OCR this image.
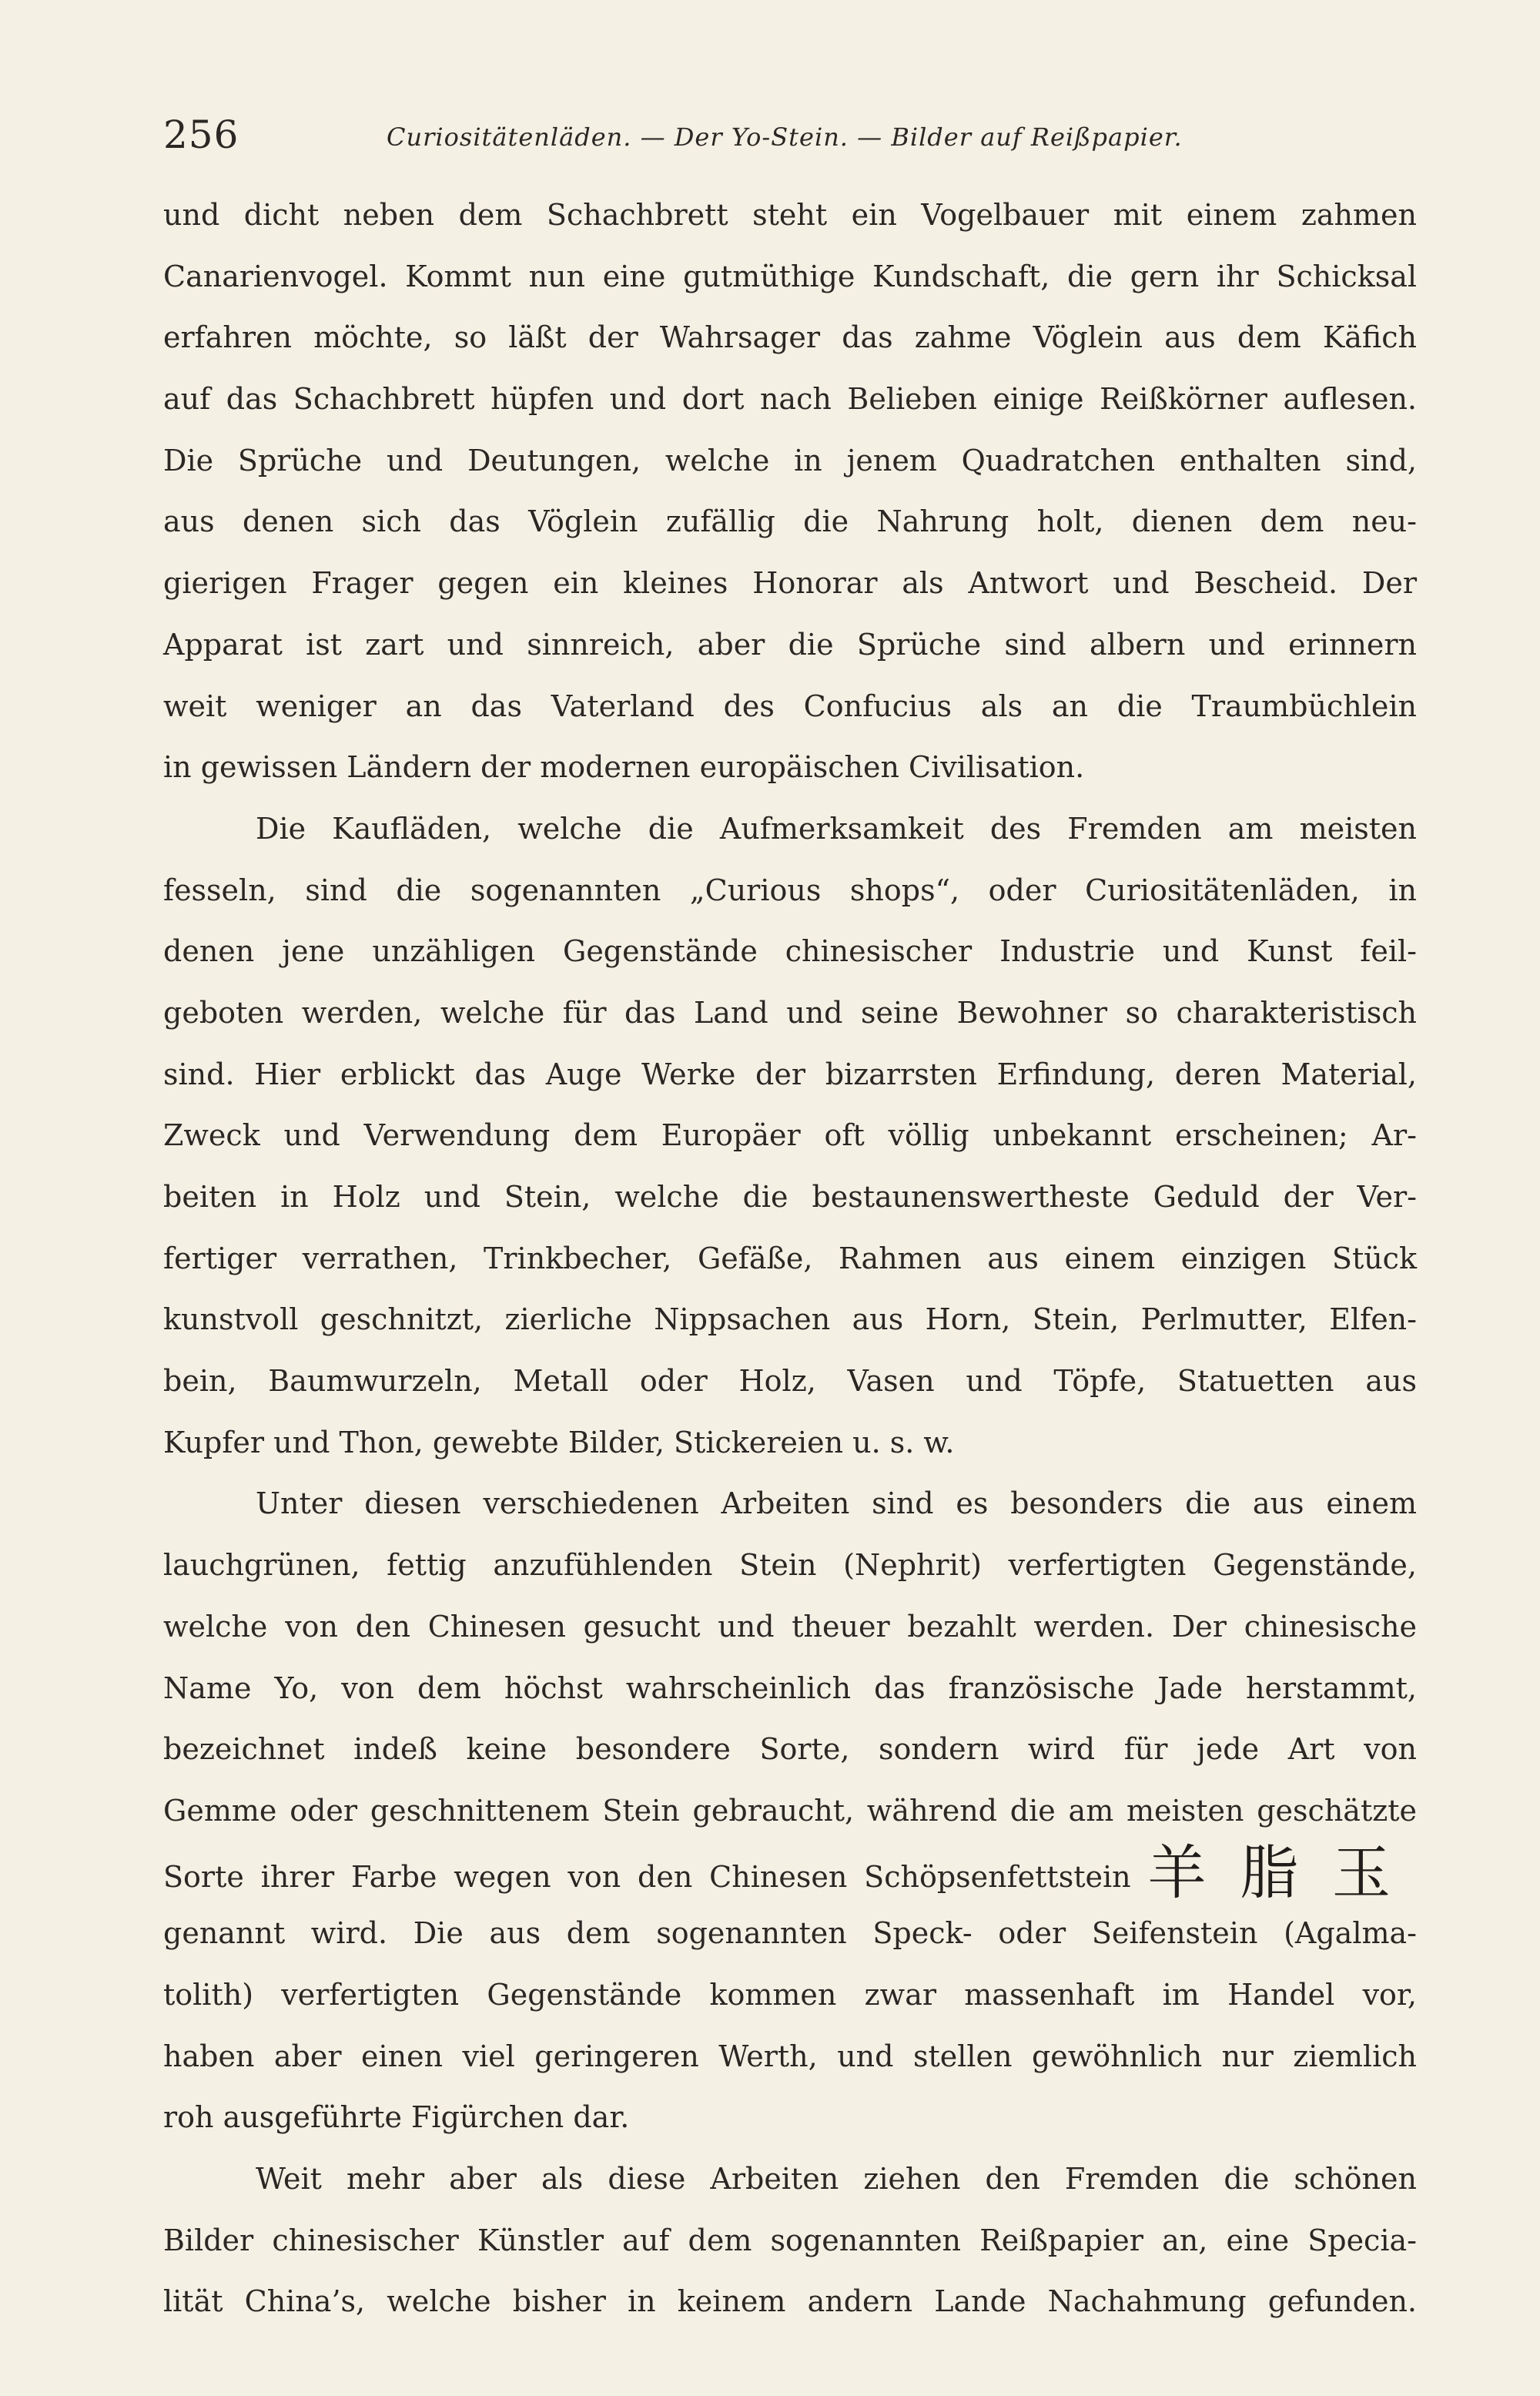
256	Curiositätenläden. — Der Yo-Stein. — Bilder auf Reißpapier.
und dicht neben dem Schachbrett steht ein Vogelbauer mit einem zahmen
Canarienvogel. Kommt nun eine gutmüthige Kundschaft, die gern ihr Schicksal
erfahren möchte, so läßt der Wahrsager das zahme Vöglein aus dem Käfich
auf das Schachbrett hüpfen und dort nach Belieben einige Reißkörner auflesen.
Die Sprüche und Deutungen, welche in jenem Quadratchen enthalten sind,
aus denen sich das Vöglein zufällig die Nahrung holt, dienen dem neu-
gierigen Frager gegen ein kleines Honorar als Antwort und Bescheid. Der
Apparat ist zart und sinnreich, aber die Sprüche sind albern und erinnern
weit weniger an das Vaterland des Confucius als an die Traumbüchlein
in gewissen Ländern der modernen europäischen Civilisation.
Die Kaufläden, welche die Aufmerksamkeit des Fremden am meisten
fesseln, sind die sogenannten „Curious shops“, oder Curiositätenläden, in
denen jene unzähligen Gegenstände chinesischer Industrie und Kunst feil-
geboten werden, welche für das Land und seine Bewohner so charakteristisch
sind. Hier erblickt das Auge Werke der bizarrsten Erfindung, deren Material,
Zweck und Verwendung dem Europäer oft völlig unbekannt erscheinen; Ar-
beiten in Holz und Stein, welche die bestaunenswertheste Geduld der Ver-
fertiger verrathen, Trinkbecher, Gefäße, Rahmen aus einem einzigen Stück
kunstvoll geschnitzt, zierliche Nippsachen aus Horn, Stein, Perlmutter, Elfen-
bein, Baumwurzeln, Metall oder Holz, Vasen und Töpfe, Statuetten aus
Kupfer und Thon, gewebte Bilder, Stickereien u. s. w.
Unter diesen verschiedenen Arbeiten sind es besonders die aus einem
lauchgrünen, fettig anzufühlenden Stein (Nephrit) verfertigten Gegenstände,
welche von den Chinesen gesucht und theuer bezahlt werden. Der chinesische
Name Yo, von dem höchst wahrscheinlich das französische Jade herstammt,
bezeichnet indeß keine besondere Sorte, sondern wird für jede Art von
Gemme oder geschnittenem Stein gebraucht, während die am meisten geschätzte
Sorte ihrer Farbe wegen von den Chinesen Schöpsenfettstein 羊脂玉
genannt wird. Die aus dem sogenannten Speck- oder Seifenstein (Agalma-
tolith) verfertigten Gegenstände kommen zwar massenhaft im Handel vor,
haben aber einen viel geringeren Werth, und stellen gewöhnlich nur ziemlich
roh ausgeführte Figürchen dar.
Weit mehr aber als diese Arbeiten ziehen den Fremden die schönen
Bilder chinesischer Künstler auf dem sogenannten Reißpapier an, eine Specia-
lität China’s, welche bisher in keinem andern Lande Nachahmung gefunden.
